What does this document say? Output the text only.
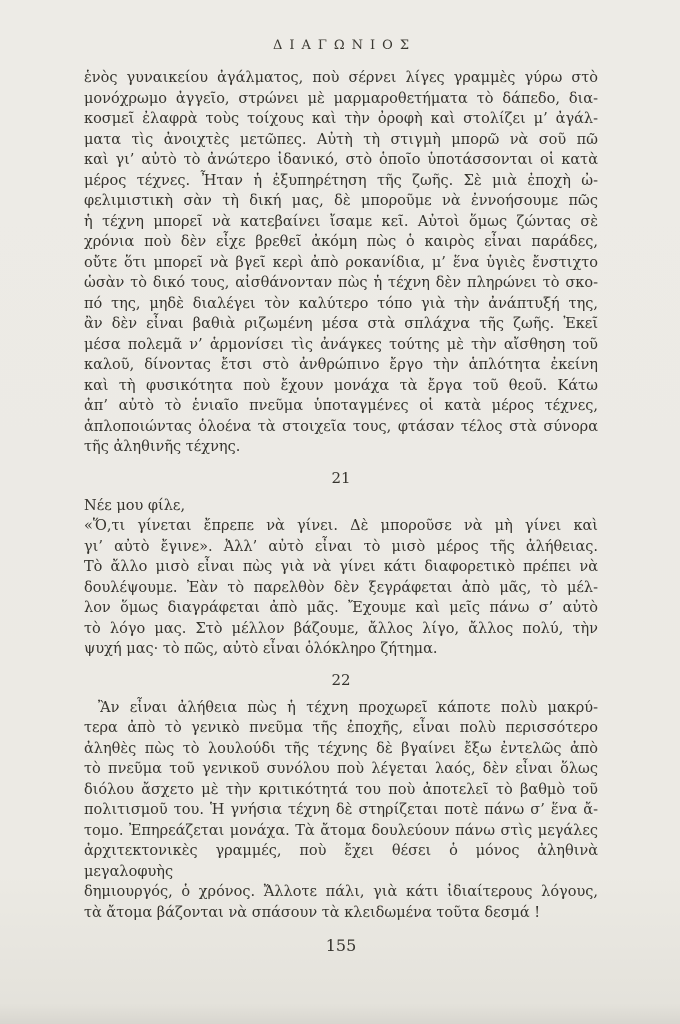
ΔΙΑΓΩΝΙΟΣ
ἑνὸς γυναικείου ἀγάλματος, ποὺ σέρνει λίγες γραμμὲς γύρω στὸ
μονόχρωμο ἀγγεῖο, στρώνει μὲ μαρμαροθετήματα τὸ δάπεδο, δια-
κοσμεῖ ἐλαφρὰ τοὺς τοίχους καὶ τὴν ὀροφὴ καὶ στολίζει μ’ ἀγάλ-
ματα τὶς ἀνοιχτὲς μετῶπες. Αὐτὴ τὴ στιγμὴ μπορῶ νὰ σοῦ πῶ
καὶ γι’ αὐτὸ τὸ ἀνώτερο ἰδανικό, στὸ ὁποῖο ὑποτάσσονται οἱ κατὰ
μέρος τέχνες. Ἦταν ἡ ἐξυπηρέτηση τῆς ζωῆς. Σὲ μιὰ ἐποχὴ ὠ-
φελιμιστικὴ σὰν τὴ δική μας, δὲ μποροῦμε νὰ ἐννοήσουμε πῶς
ἡ τέχνη μπορεῖ νὰ κατεβαίνει ἴσαμε κεῖ. Αὐτοὶ ὅμως ζώντας σὲ
χρόνια ποὺ δὲν εἶχε βρεθεῖ ἀκόμη πὼς ὁ καιρὸς εἶναι παράδες,
οὔτε ὅτι μπορεῖ νὰ βγεῖ κερὶ ἀπὸ ροκανίδια, μ’ ἕνα ὑγιὲς ἔνστιχτο
ὡσὰν τὸ δικό τους, αἰσθάνονταν πὼς ἡ τέχνη δὲν πληρώνει τὸ σκο-
πό της, μηδὲ διαλέγει τὸν καλύτερο τόπο γιὰ τὴν ἀνάπτυξή της,
ἂν δὲν εἶναι βαθιὰ ριζωμένη μέσα στὰ σπλάχνα τῆς ζωῆς. Ἐκεῖ
μέσα πολεμᾶ ν’ ἁρμονίσει τὶς ἀνάγκες τούτης μὲ τὴν αἴσθηση τοῦ
καλοῦ, δίνοντας ἔτσι στὸ ἀνθρώπινο ἔργο τὴν ἁπλότητα ἐκείνη
καὶ τὴ φυσικότητα ποὺ ἔχουν μονάχα τὰ ἔργα τοῦ θεοῦ. Κάτω
ἀπ’ αὐτὸ τὸ ἑνιαῖο πνεῦμα ὑποταγμένες οἱ κατὰ μέρος τέχνες,
ἁπλοποιώντας ὁλοένα τὰ στοιχεῖα τους, φτάσαν τέλος στὰ σύνορα
τῆς ἀληθινῆς τέχνης.
21
Νέε μου φίλε,
«Ὅ,τι γίνεται ἔπρεπε νὰ γίνει. Δὲ μποροῦσε νὰ μὴ γίνει καὶ
γι’ αὐτὸ ἔγινε». Ἀλλ’ αὐτὸ εἶναι τὸ μισὸ μέρος τῆς ἀλήθειας.
Τὸ ἄλλο μισὸ εἶναι πὼς γιὰ νὰ γίνει κάτι διαφορετικὸ πρέπει νὰ
δουλέψουμε. Ἐὰν τὸ παρελθὸν δὲν ξεγράφεται ἀπὸ μᾶς, τὸ μέλ-
λον ὅμως διαγράφεται ἀπὸ μᾶς. Ἔχουμε καὶ μεῖς πάνω σ’ αὐτὸ
τὸ λόγο μας. Στὸ μέλλον βάζουμε, ἄλλος λίγο, ἄλλος πολύ, τὴν
ψυχή μας· τὸ πῶς, αὐτὸ εἶναι ὁλόκληρο ζήτημα.
22
Ἂν εἶναι ἀλήθεια πὼς ἡ τέχνη προχωρεῖ κάποτε πολὺ μακρύ-
τερα ἀπὸ τὸ γενικὸ πνεῦμα τῆς ἐποχῆς, εἶναι πολὺ περισσότερο
ἀληθὲς πὼς τὸ λουλούδι τῆς τέχνης δὲ βγαίνει ἔξω ἐντελῶς ἀπὸ
τὸ πνεῦμα τοῦ γενικοῦ συνόλου ποὺ λέγεται λαός, δὲν εἶναι ὅλως
διόλου ἄσχετο μὲ τὴν κριτικότητά του ποὺ ἀποτελεῖ τὸ βαθμὸ τοῦ
πολιτισμοῦ του. Ἡ γνήσια τέχνη δὲ στηρίζεται ποτὲ πάνω σ’ ἕνα ἄ-
τομο. Ἐπηρεάζεται μονάχα. Τὰ ἄτομα δουλεύουν πάνω στὶς μεγάλες
ἀρχιτεκτονικὲς γραμμές, ποὺ ἔχει θέσει ὁ μόνος ἀληθινὰ μεγαλοφυὴς
δημιουργός, ὁ χρόνος. Ἄλλοτε πάλι, γιὰ κάτι ἰδιαίτερους λόγους,
τὰ ἄτομα βάζονται νὰ σπάσουν τὰ κλειδωμένα τοῦτα δεσμά !
155
